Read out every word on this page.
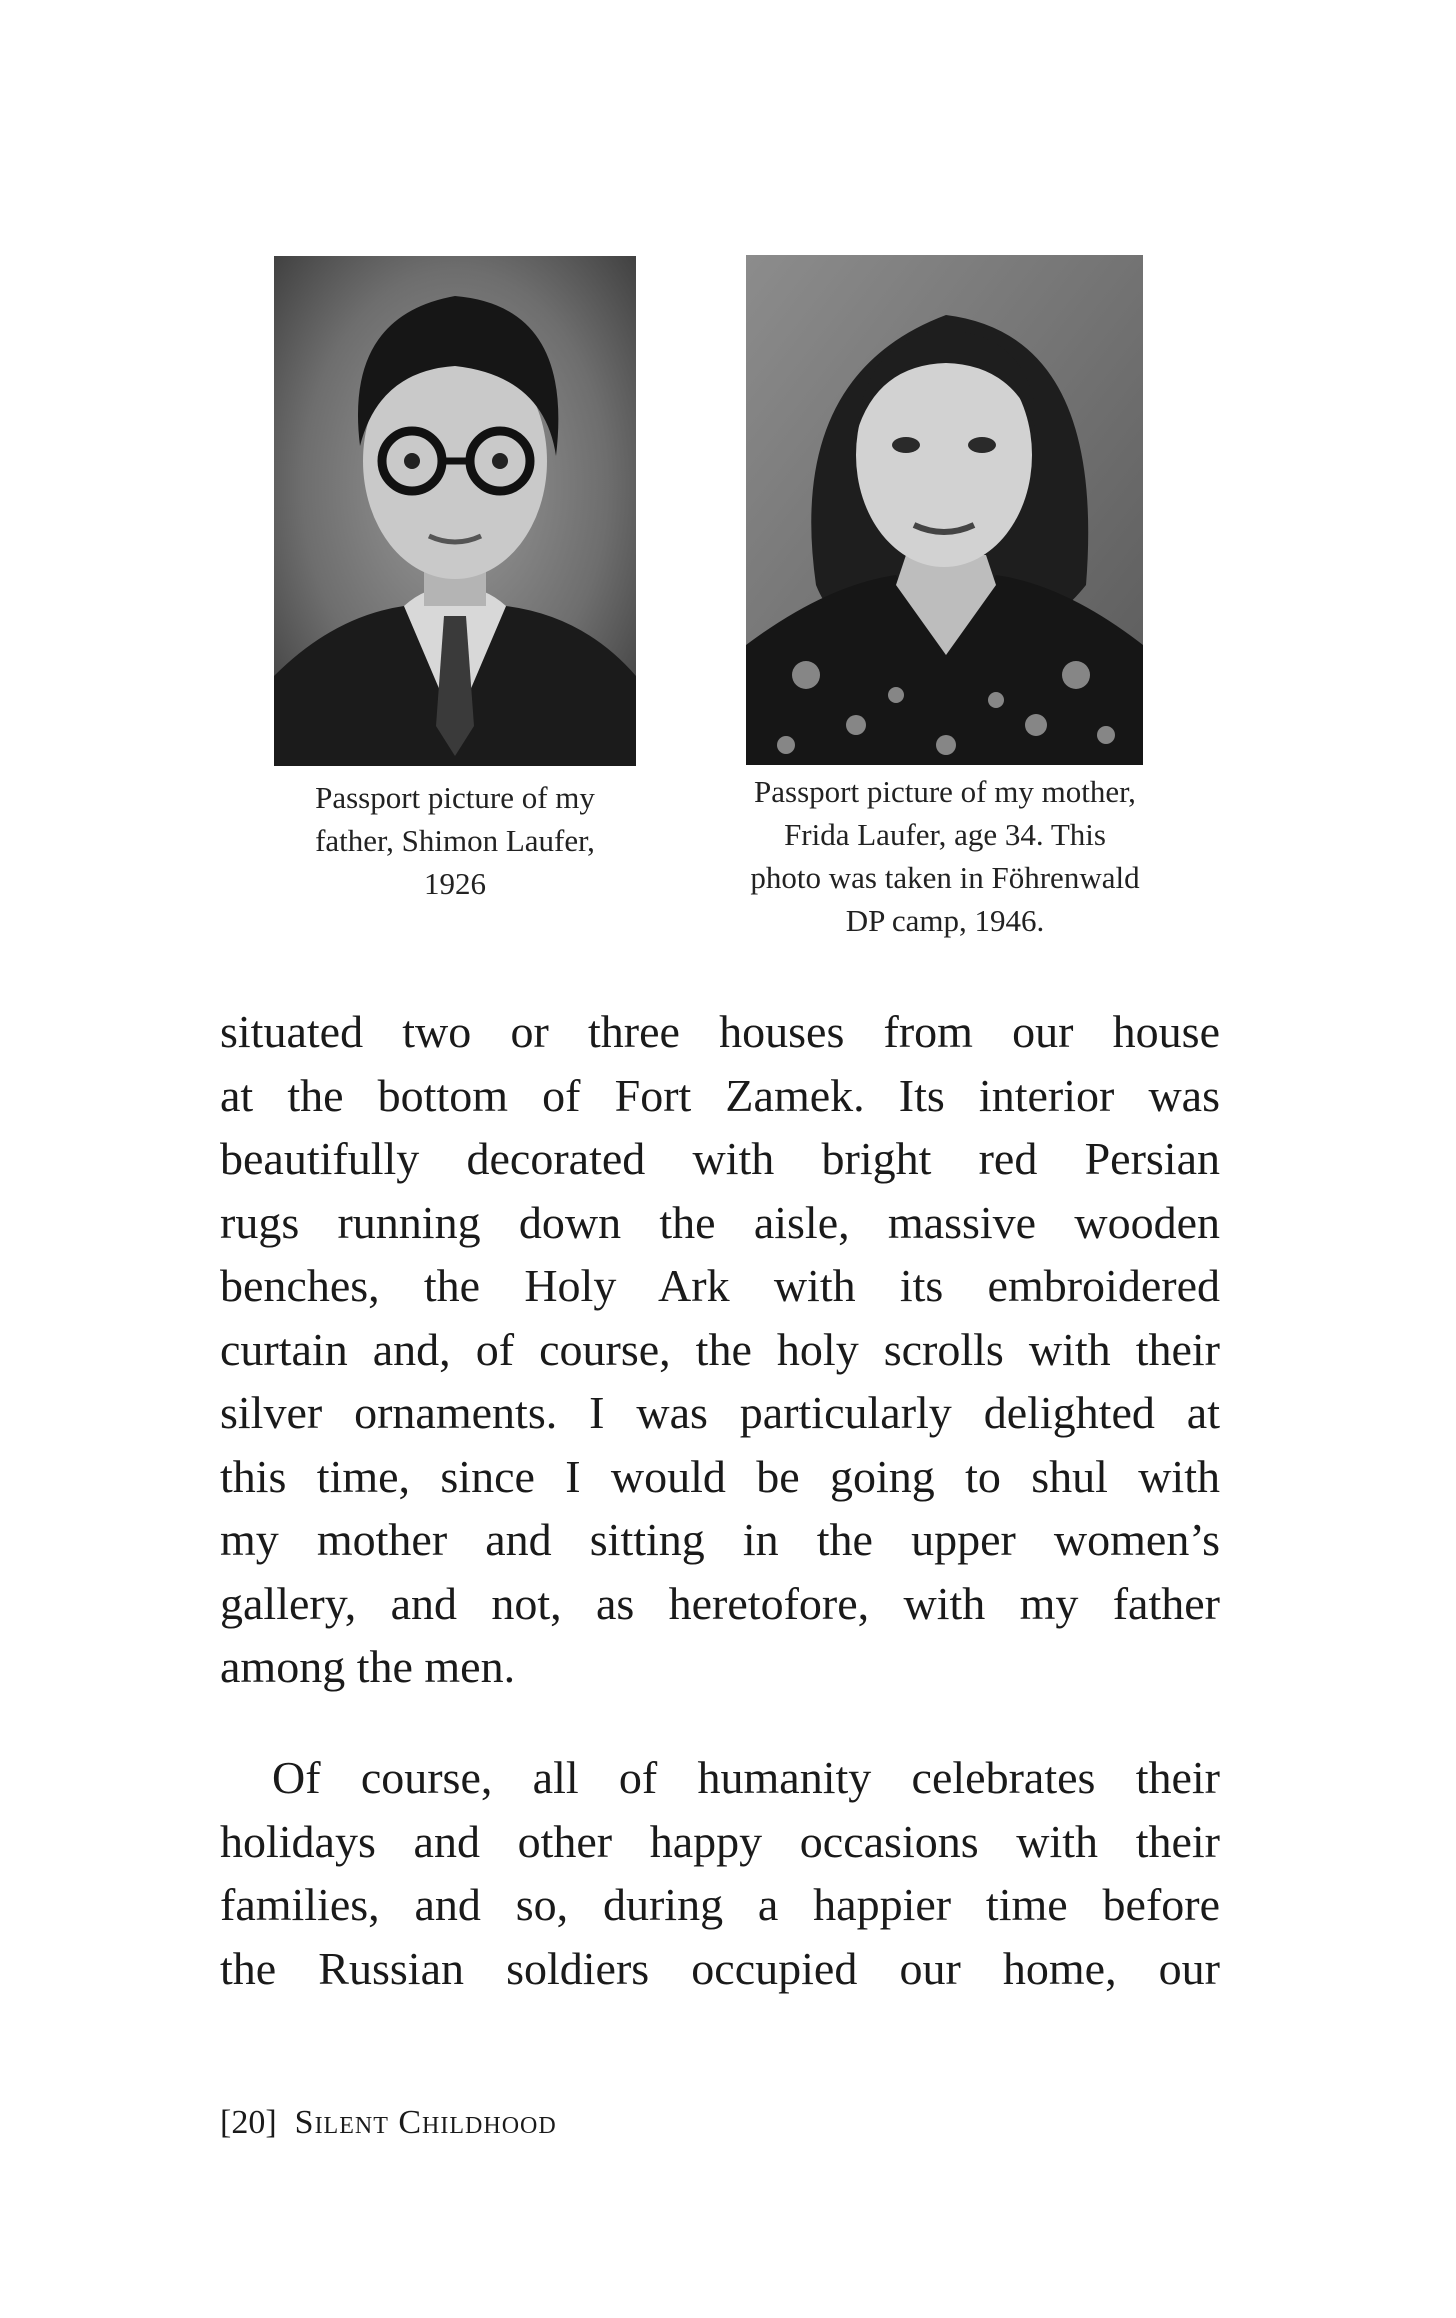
Passport picture of my
father, Shimon Laufer,
1926
Passport picture of my mother,
Frida Laufer, age 34. This
photo was taken in Föhrenwald
DP camp, 1946.
situated two or three houses from our house
at the bottom of Fort Zamek. Its interior was
beautifully decorated with bright red Persian
rugs running down the aisle, massive wooden
benches, the Holy Ark with its embroidered
curtain and, of course, the holy scrolls with their
silver ornaments. I was particularly delighted at
this time, since I would be going to shul with
my mother and sitting in the upper women’s
gallery, and not, as heretofore, with my father
among the men.
Of course, all of humanity celebrates their
holidays and other happy occasions with their
families, and so, during a happier time before
the Russian soldiers occupied our home, our
[20] Silent Childhood
